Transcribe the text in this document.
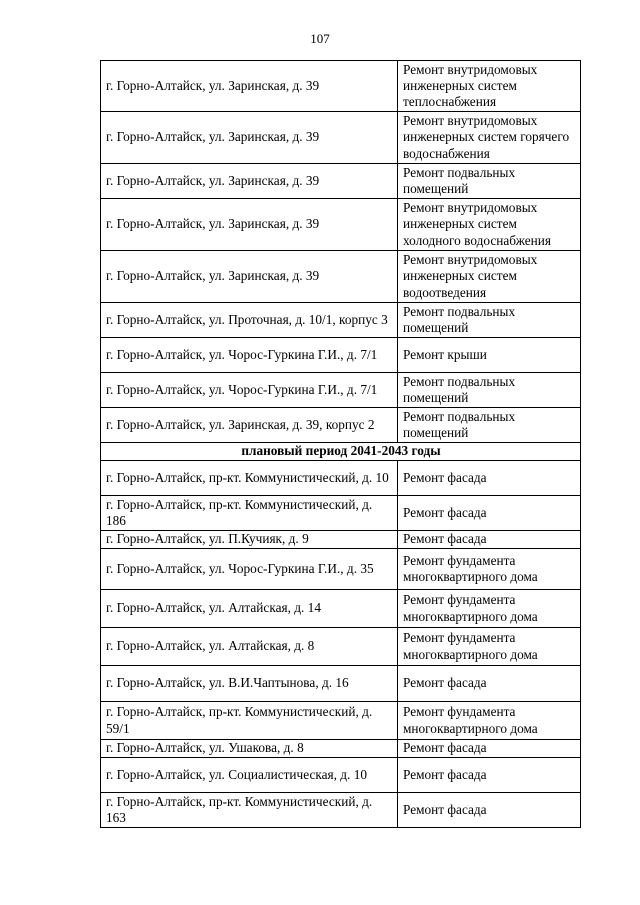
107
г. Горно-Алтайск, ул. Заринская, д. 39	Ремонт внутридомовых инженерных систем теплоснабжения
г. Горно-Алтайск, ул. Заринская, д. 39	Ремонт внутридомовых инженерных систем горячего водоснабжения
г. Горно-Алтайск, ул. Заринская, д. 39	Ремонт подвальных помещений
г. Горно-Алтайск, ул. Заринская, д. 39	Ремонт внутридомовых инженерных систем холодного водоснабжения
г. Горно-Алтайск, ул. Заринская, д. 39	Ремонт внутридомовых инженерных систем водоотведения
г. Горно-Алтайск, ул. Проточная, д. 10/1, корпус 3	Ремонт подвальных помещений
г. Горно-Алтайск, ул. Чорос-Гуркина Г.И., д. 7/1	Ремонт крыши
г. Горно-Алтайск, ул. Чорос-Гуркина Г.И., д. 7/1	Ремонт подвальных помещений
г. Горно-Алтайск, ул. Заринская, д. 39, корпус 2	Ремонт подвальных помещений
плановый период 2041-2043 годы	
г. Горно-Алтайск, пр-кт. Коммунистический, д. 10	Ремонт фасада
г. Горно-Алтайск, пр-кт. Коммунистический, д. 186	Ремонт фасада
г. Горно-Алтайск, ул. П.Кучияк, д. 9	Ремонт фасада
г. Горно-Алтайск, ул. Чорос-Гуркина Г.И., д. 35	Ремонт фундамента многоквартирного дома
г. Горно-Алтайск, ул. Алтайская, д. 14	Ремонт фундамента многоквартирного дома
г. Горно-Алтайск, ул. Алтайская, д. 8	Ремонт фундамента многоквартирного дома
г. Горно-Алтайск, ул. В.И.Чаптынова, д. 16	Ремонт фасада
г. Горно-Алтайск, пр-кт. Коммунистический, д. 59/1	Ремонт фундамента многоквартирного дома
г. Горно-Алтайск, ул. Ушакова, д. 8	Ремонт фасада
г. Горно-Алтайск, ул. Социалистическая, д. 10	Ремонт фасада
г. Горно-Алтайск, пр-кт. Коммунистический, д. 163	Ремонт фасада
